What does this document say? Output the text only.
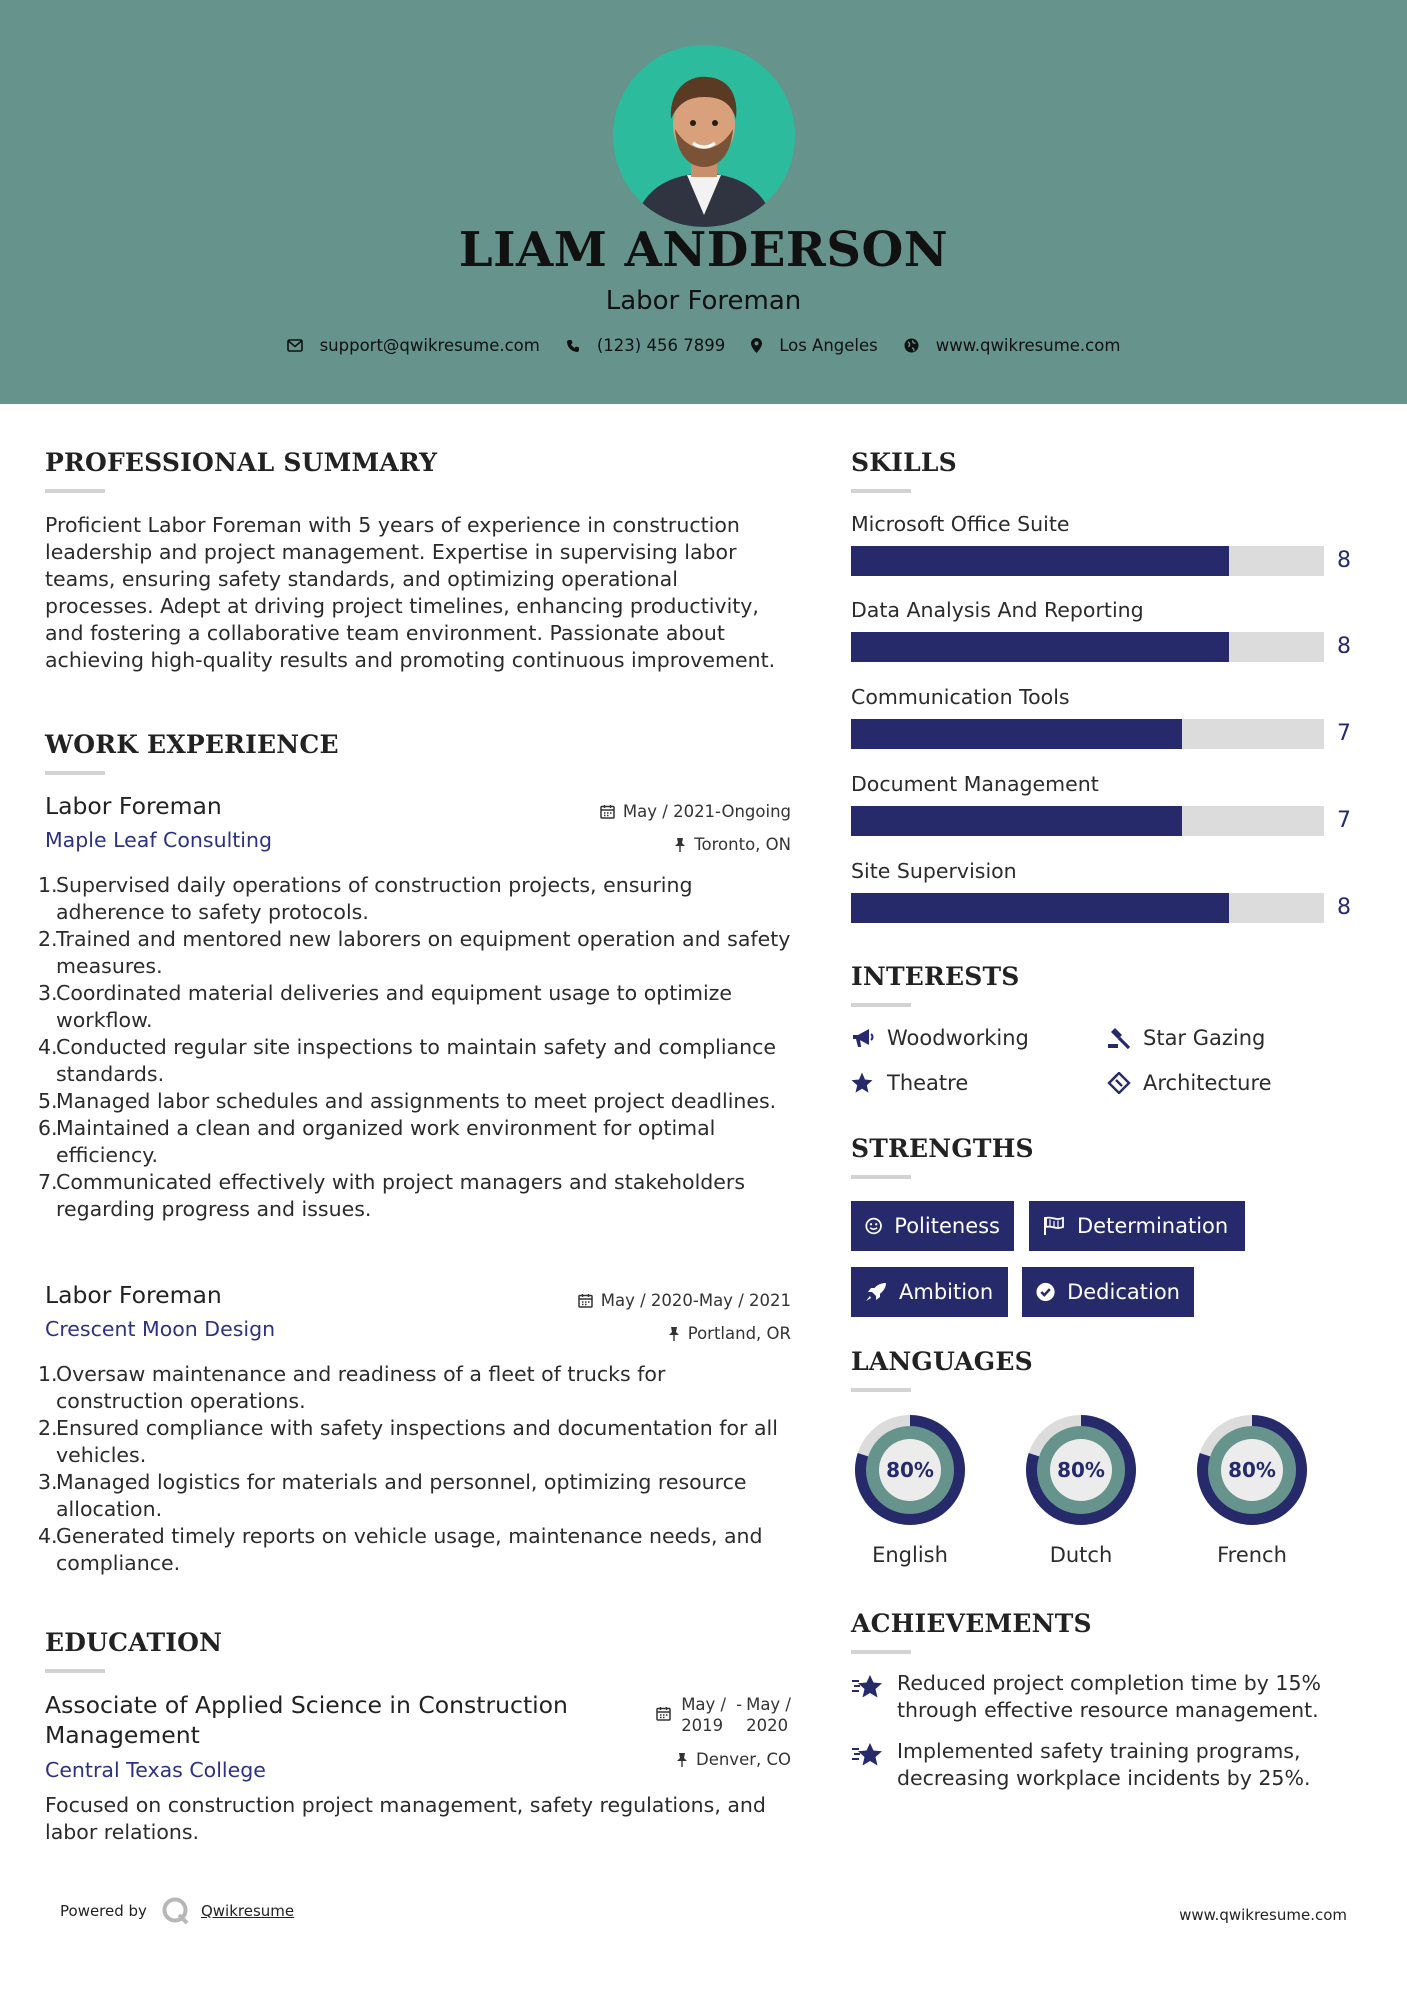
LIAM ANDERSON
Labor Foreman
support@qwikresume.com	(123) 456 7899	Los Angeles	www.qwikresume.com
PROFESSIONAL SUMMARY
Proficient Labor Foreman with 5 years of experience in construction leadership and project management. Expertise in supervising labor teams, ensuring safety standards, and optimizing operational processes. Adept at driving project timelines, enhancing productivity, and fostering a collaborative team environment. Passionate about achieving high-quality results and promoting continuous improvement.
WORK EXPERIENCE
Labor Foreman
Maple Leaf Consulting
May / 2021-Ongoing
Toronto, ON
1.
Supervised daily operations of construction projects, ensuring adherence to safety protocols.
2.
Trained and mentored new laborers on equipment operation and safety measures.
3.
Coordinated material deliveries and equipment usage to optimize workflow.
4.
Conducted regular site inspections to maintain safety and compliance standards.
5.
Managed labor schedules and assignments to meet project deadlines.
6.
Maintained a clean and organized work environment for optimal efficiency.
7.
Communicated effectively with project managers and stakeholders regarding progress and issues.
Labor Foreman
Crescent Moon Design
May / 2020-May / 2021
Portland, OR
1.
Oversaw maintenance and readiness of a fleet of trucks for construction operations.
2.
Ensured compliance with safety inspections and documentation for all vehicles.
3.
Managed logistics for materials and personnel, optimizing resource allocation.
4.
Generated timely reports on vehicle usage, maintenance needs, and compliance.
EDUCATION
Associate of Applied Science in Construction Management
Central Texas College
May /
2019
- May /
2020
Denver, CO
Focused on construction project management, safety regulations, and labor relations.
SKILLS
Microsoft Office Suite
8
Data Analysis And Reporting
8
Communication Tools
7
Document Management
7
Site Supervision
8
INTERESTS
Woodworking	Star Gazing
Theatre	Architecture
STRENGTHS
Politeness	Determination
Ambition	Dedication
LANGUAGES
80%
English
80%
Dutch
80%
French
ACHIEVEMENTS
Reduced project completion time by 15% through effective resource management.
Implemented safety training programs, decreasing workplace incidents by 25%.
Powered by	Qwikresume	www.qwikresume.com
